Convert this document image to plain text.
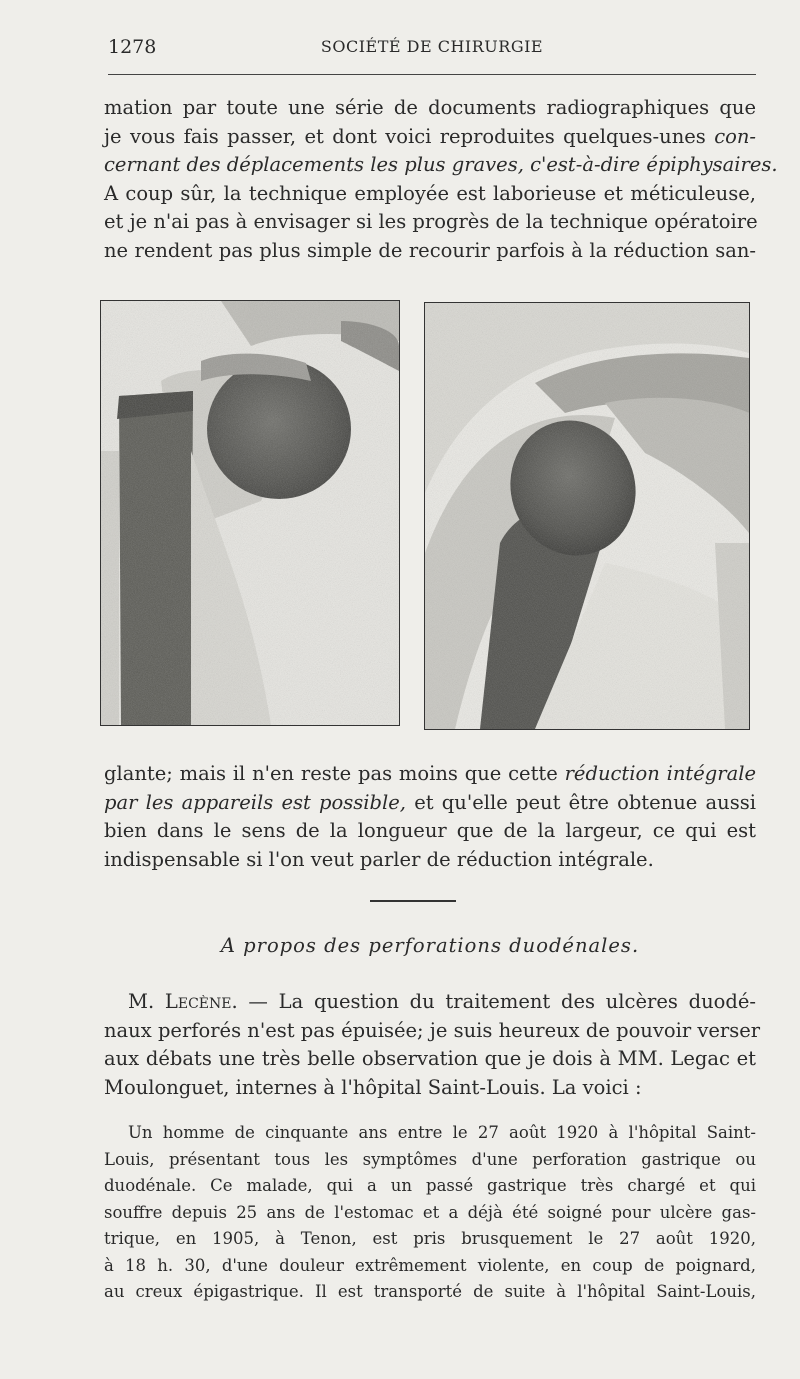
1278	SOCIÉTÉ DE CHIRURGIE
mation par toute une série de documents radiographiques que
je vous fais passer, et dont voici reproduites quelques-unes con-
cernant des déplacements les plus graves, c'est-à-dire épiphysaires.
A coup sûr, la technique employée est laborieuse et méticuleuse,
et je n'ai pas à envisager si les progrès de la technique opératoire
ne rendent pas plus simple de recourir parfois à la réduction san-
glante; mais il n'en reste pas moins que cette réduction intégrale
par les appareils est possible, et qu'elle peut être obtenue aussi
bien dans le sens de la longueur que de la largeur, ce qui est
indispensable si l'on veut parler de réduction intégrale.
A propos des perforations duodénales.
M. Lecène. — La question du traitement des ulcères duodé-
naux perforés n'est pas épuisée; je suis heureux de pouvoir verser
aux débats une très belle observation que je dois à MM. Legac et
Moulonguet, internes à l'hôpital Saint-Louis. La voici :
Un homme de cinquante ans entre le 27 août 1920 à l'hôpital Saint-
Louis, présentant tous les symptômes d'une perforation gastrique ou
duodénale. Ce malade, qui a un passé gastrique très chargé et qui
souffre depuis 25 ans de l'estomac et a déjà été soigné pour ulcère gas-
trique, en 1905, à Tenon, est pris brusquement le 27 août 1920,
à 18 h. 30, d'une douleur extrêmement violente, en coup de poignard,
au creux épigastrique. Il est transporté de suite à l'hôpital Saint-Louis,
